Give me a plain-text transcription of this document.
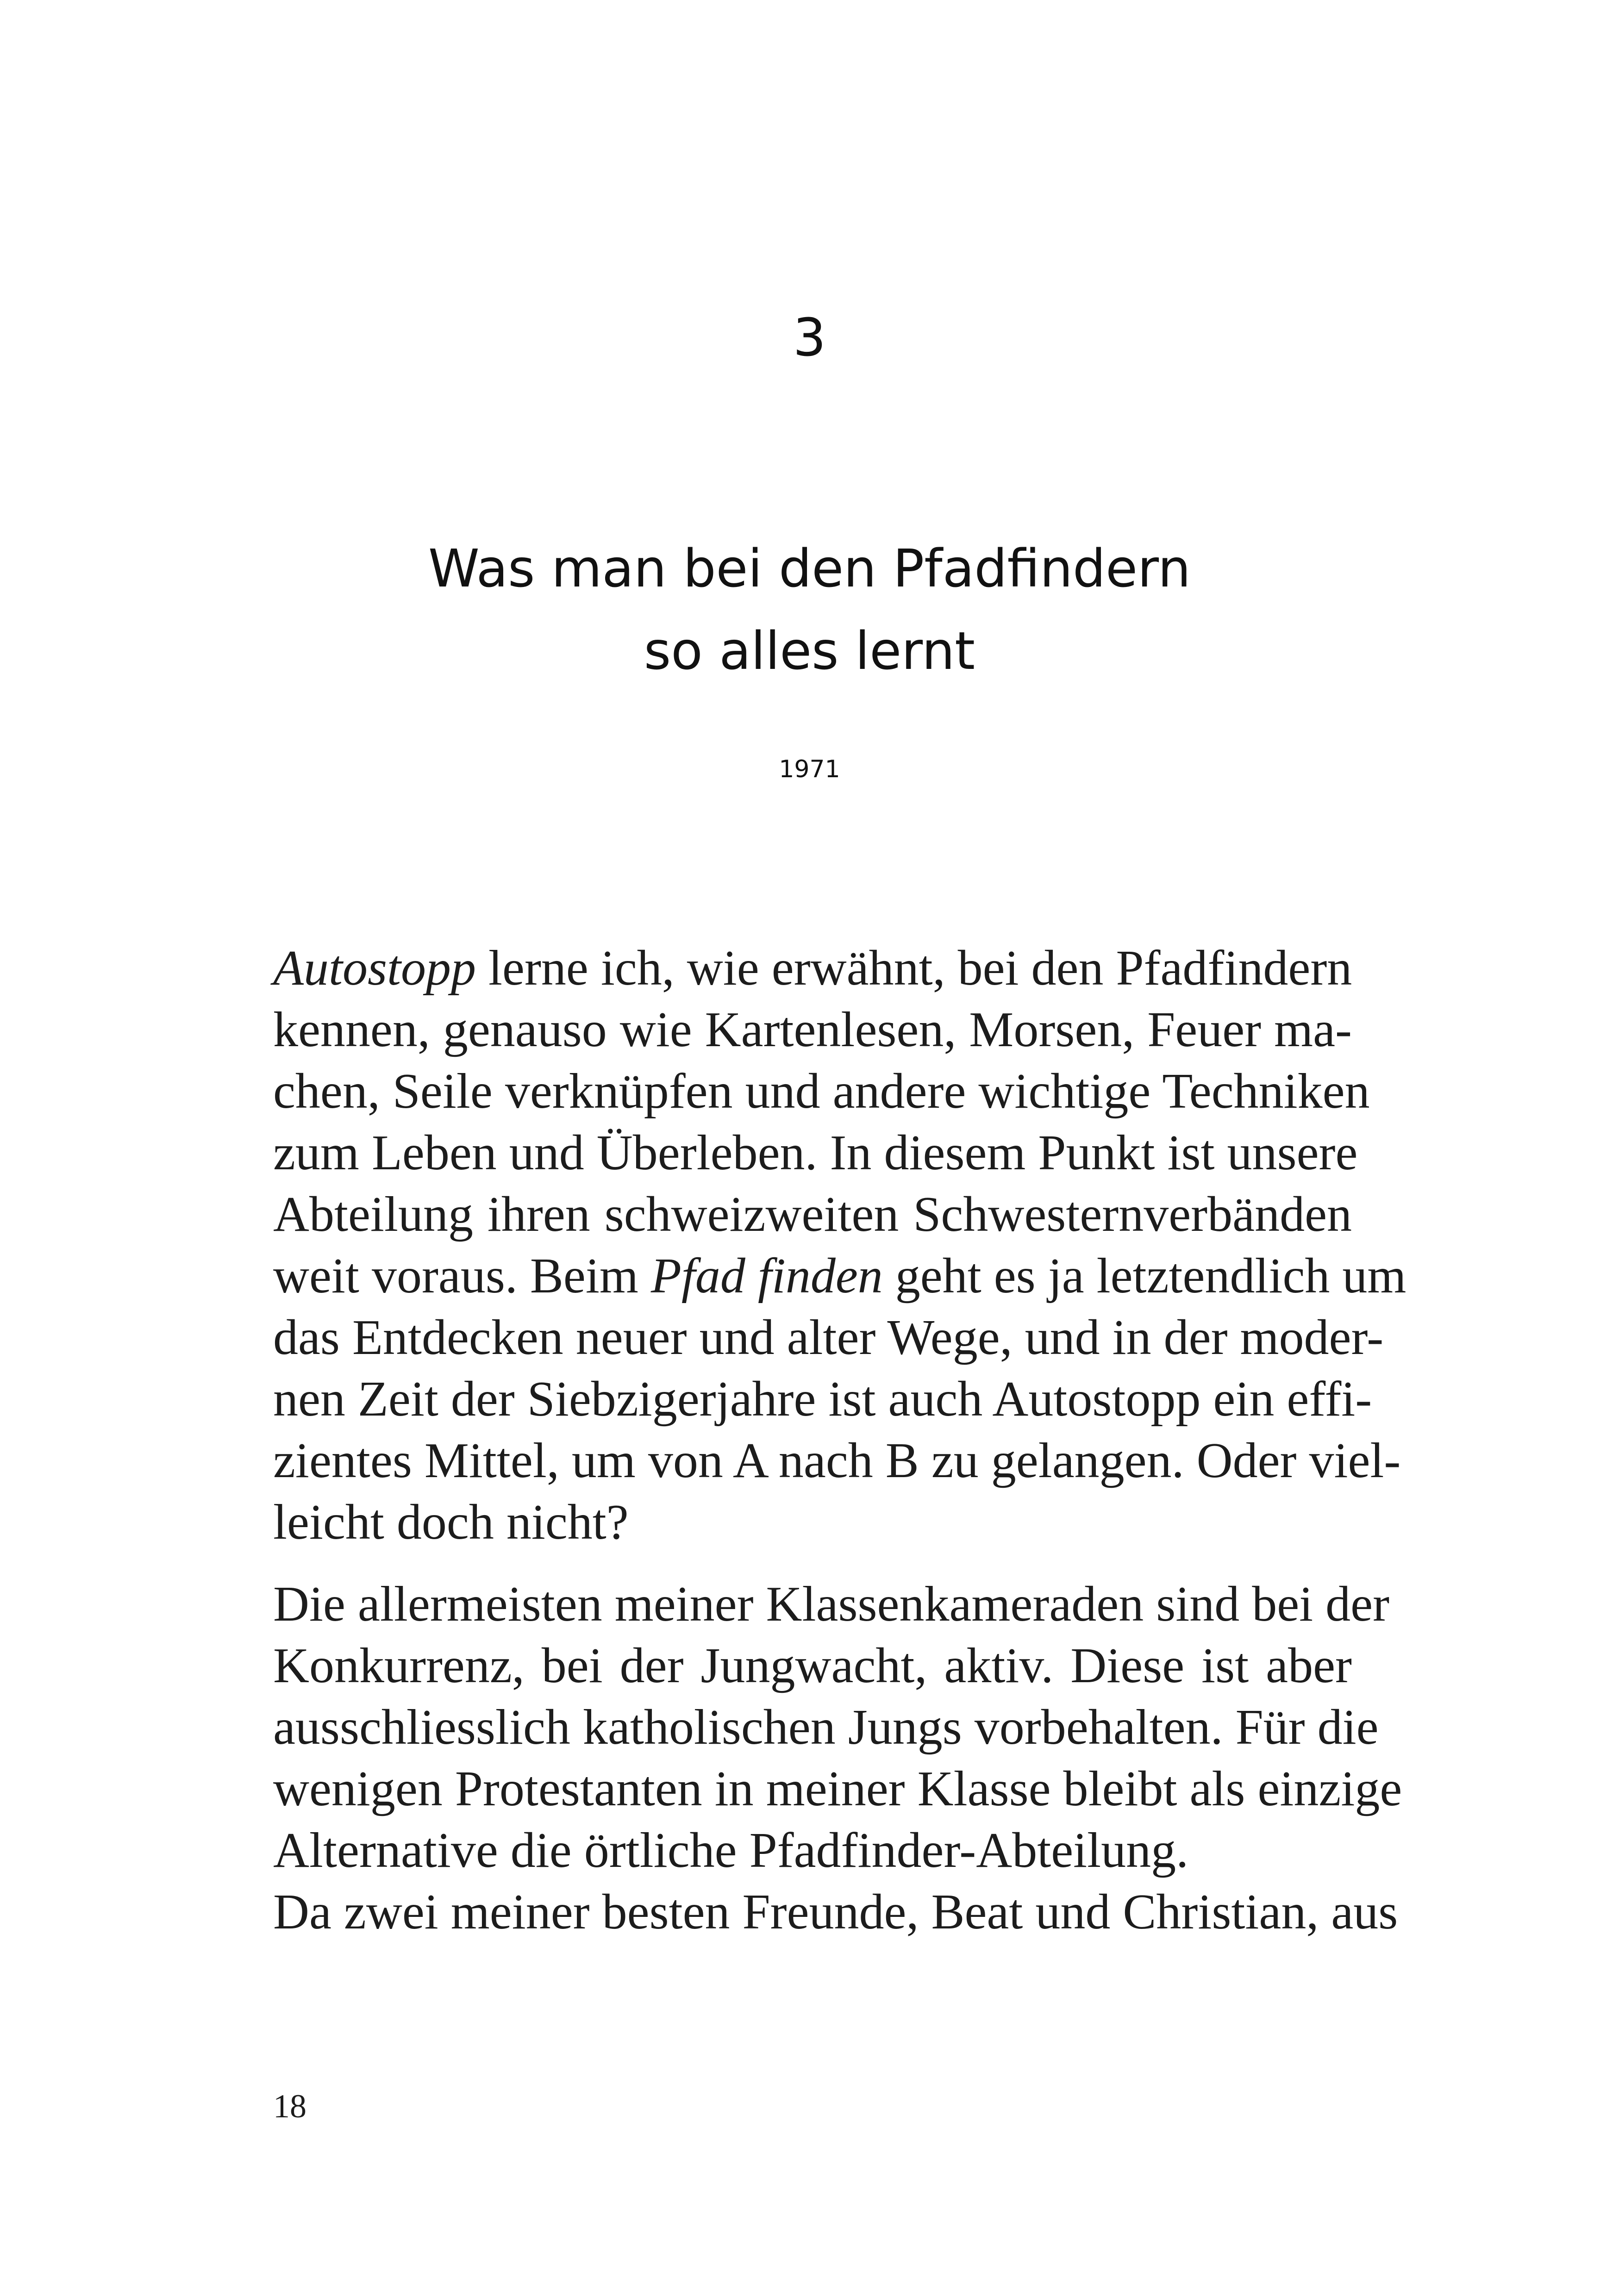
3
Was man bei den Pfadfindern
so alles lernt
1971

Autostopp lerne ich, wie erwähnt, bei den Pfadfindern
kennen, genauso wie Kartenlesen, Morsen, Feuer ma-
chen, Seile verknüpfen und andere wichtige Techniken
zum Leben und Überleben. In diesem Punkt ist unsere
Abteilung ihren schweizweiten Schwesternverbänden
weit voraus. Beim Pfad finden geht es ja letztendlich um
das Entdecken neuer und alter Wege, und in der moder-
nen Zeit der Siebzigerjahre ist auch Autostopp ein effi-
zientes Mittel, um von A nach B zu gelangen. Oder viel-
leicht doch nicht?

Die allermeisten meiner Klassenkameraden sind bei der
Konkurrenz, bei der Jungwacht, aktiv. Diese ist aber
ausschliesslich katholischen Jungs vorbehalten. Für die
wenigen Protestanten in meiner Klasse bleibt als einzige
Alternative die örtliche Pfadfinder-Abteilung.

Da zwei meiner besten Freunde, Beat und Christian, aus

18
